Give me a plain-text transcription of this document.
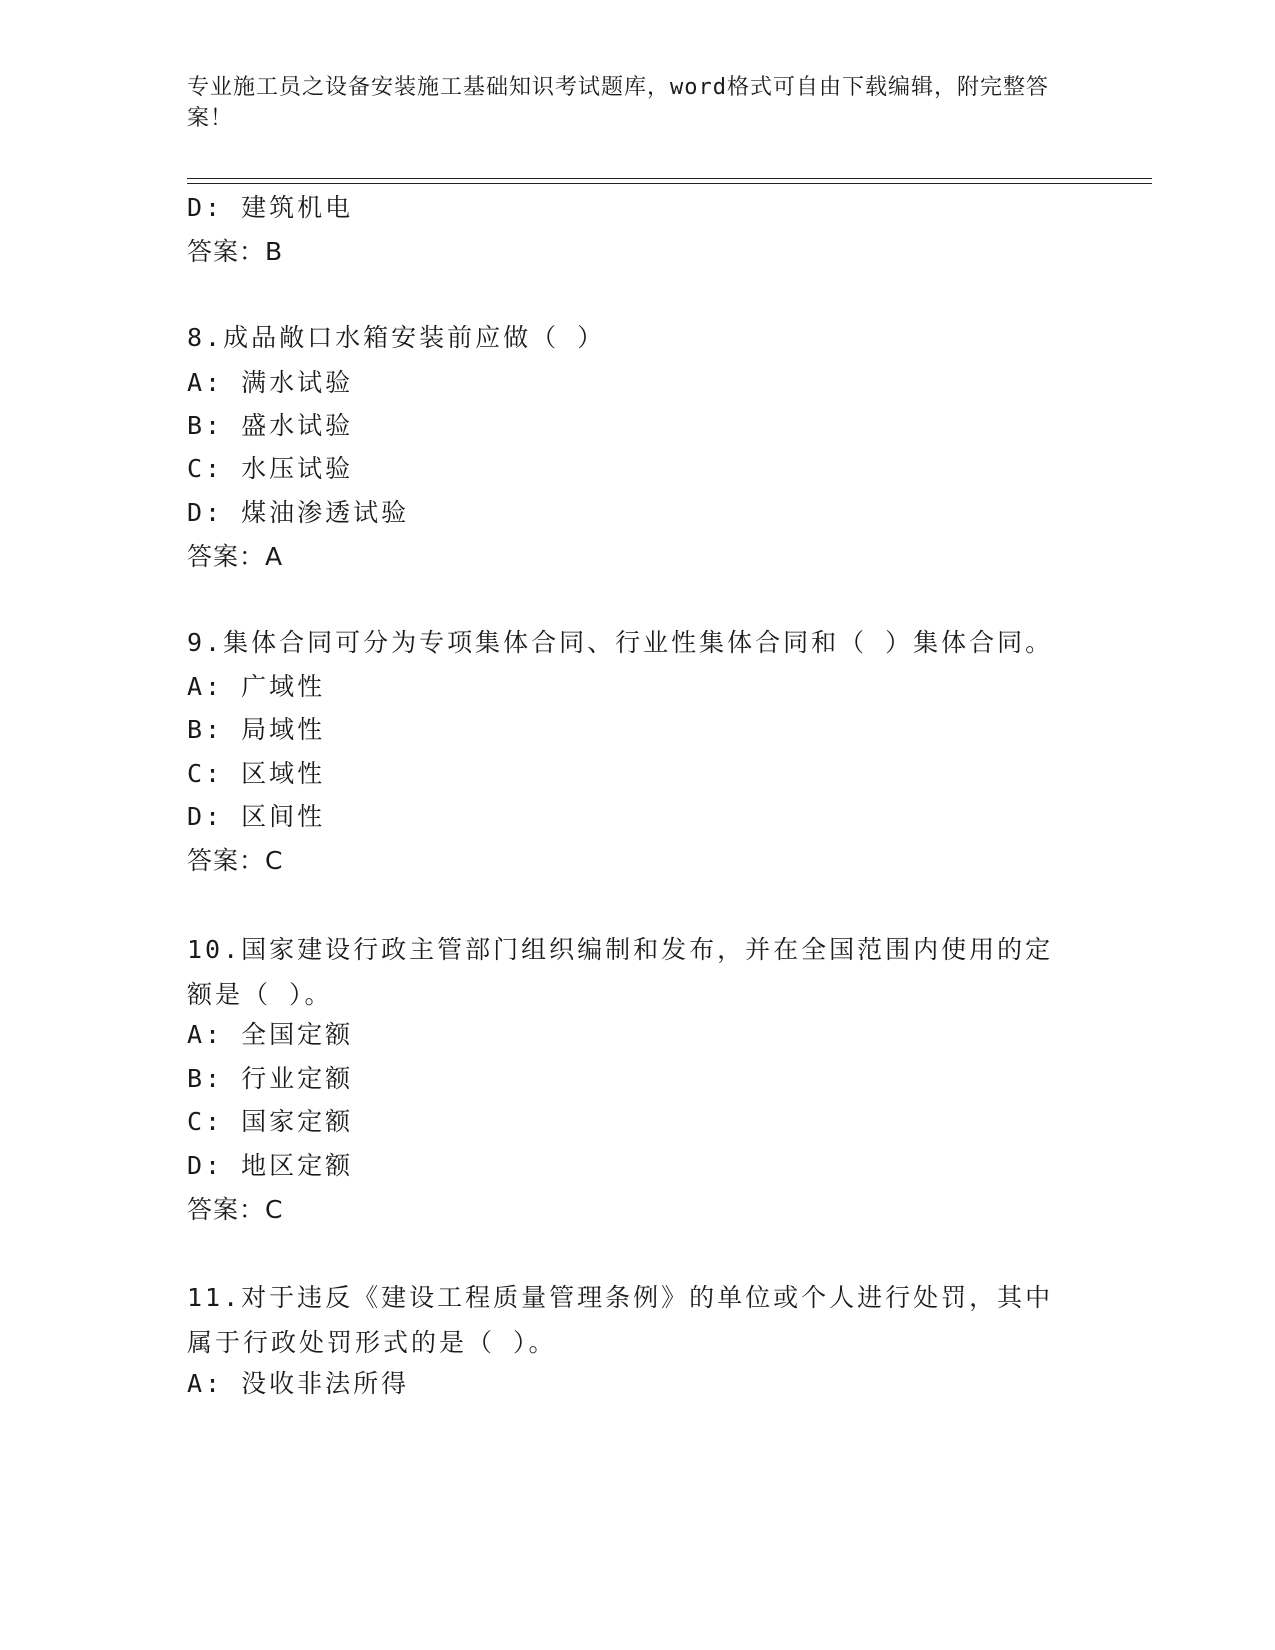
专业施工员之设备安装施工基础知识考试题库，word格式可自由下载编辑，附完整答案！
D: 建筑机电
答案：B
8.成品敞口水箱安装前应做（ ）
A: 满水试验
B: 盛水试验
C: 水压试验
D: 煤油渗透试验
答案：A
9.集体合同可分为专项集体合同、行业性集体合同和（ ）集体合同。
A: 广域性
B: 局域性
C: 区域性
D: 区间性
答案：C
10.国家建设行政主管部门组织编制和发布，并在全国范围内使用的定额是（ ）。
A: 全国定额
B: 行业定额
C: 国家定额
D: 地区定额
答案：C
11.对于违反《建设工程质量管理条例》的单位或个人进行处罚，其中属于行政处罚形式的是（ ）。
A: 没收非法所得
